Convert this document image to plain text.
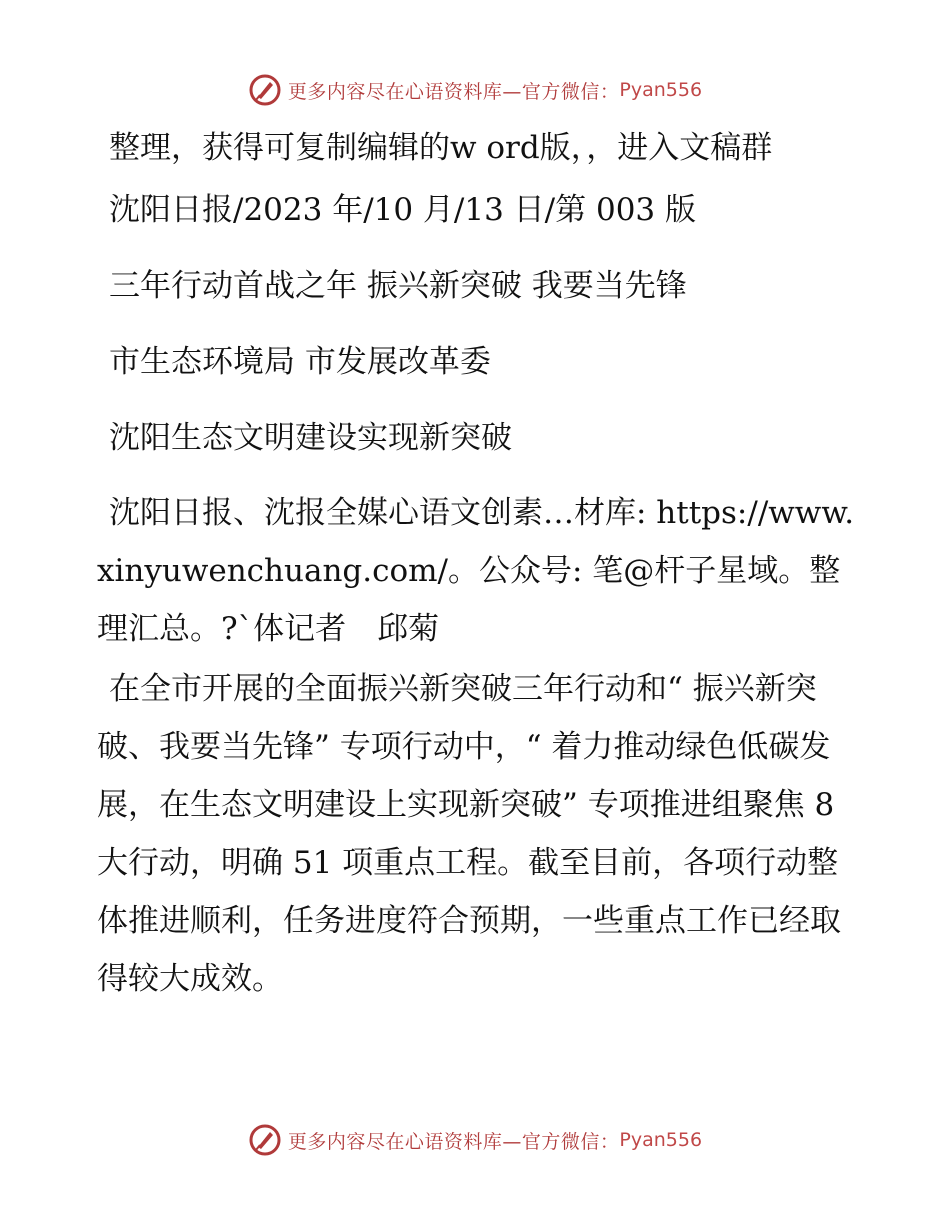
更多内容尽在心语资料库—官方微信： Pyan556

整理，获得可复制编辑的w ord版，，进入文稿群

沈阳日报/2023 年/10 月/13 日/第 003 版

三年行动首战之年 振兴新突破 我要当先锋

市生态环境局 市发展改革委

沈阳生态文明建设实现新突破

沈阳日报、沈报全媒心语文创素…材库: https://www.xinyuwenchuang.com/。公众号: 笔@杆子星域。整理汇总。?`体记者　邱菊

在全市开展的全面振兴新突破三年行动和“ 振兴新突破、我要当先锋” 专项行动中，“ 着力推动绿色低碳发展，在生态文明建设上实现新突破” 专项推进组聚焦 8 大行动，明确 51 项重点工程。截至目前，各项行动整体推进顺利，任务进度符合预期，一些重点工作已经取得较大成效。

更多内容尽在心语资料库—官方微信： Pyan556
